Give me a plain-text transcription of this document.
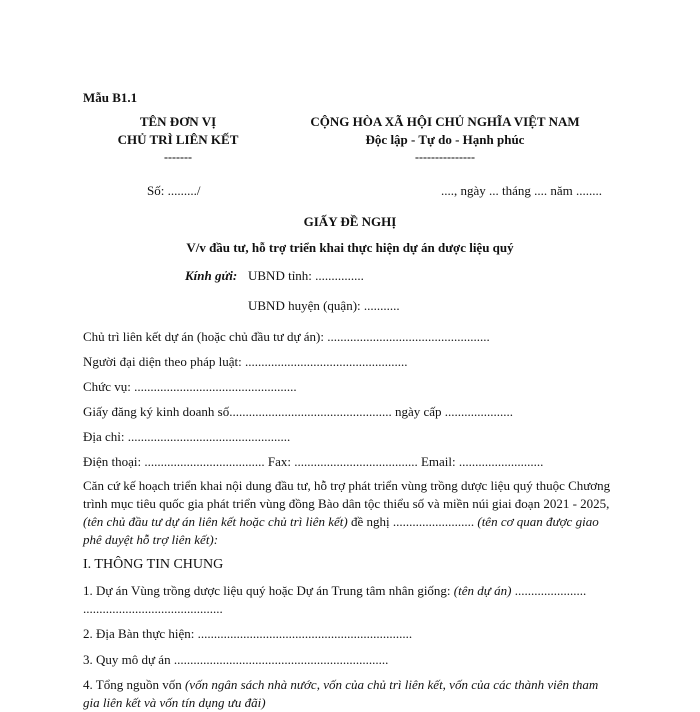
Mẫu B1.1
TÊN ĐƠN VỊ
CHỦ TRÌ LIÊN KẾT
-------
CỘNG HÒA XÃ HỘI CHỦ NGHĨA VIỆT NAM
Độc lập - Tự do - Hạnh phúc
---------------
Số: ........./	...., ngày ... tháng .... năm ........
GIẤY ĐỀ NGHỊ
V/v đầu tư, hỗ trợ triển khai thực hiện dự án dược liệu quý
Kính gửi: UBND tỉnh: ...............
UBND huyện (quận): ...........
Chủ trì liên kết dự án (hoặc chủ đầu tư dự án): ..................................................
Người đại diện theo pháp luật: ..................................................
Chức vụ: ..................................................
Giấy đăng ký kinh doanh số.................................................. ngày cấp .....................
Địa chỉ: ..................................................
Điện thoại: ..................................... Fax: ...................................... Email: ..........................
Căn cứ kế hoạch triển khai nội dung đầu tư, hỗ trợ phát triển vùng trồng dược liệu quý thuộc Chương trình mục tiêu quốc gia phát triển vùng đồng Bào dân tộc thiểu số và miền núi giai đoạn 2021 - 2025, (tên chủ đầu tư dự án liên kết hoặc chủ trì liên kết) đề nghị ......................... (tên cơ quan được giao phê duyệt hỗ trợ liên kết):
I. THÔNG TIN CHUNG
1. Dự án Vùng trồng dược liệu quý hoặc Dự án Trung tâm nhân giống: (tên dự án) ......................
...........................................
2. Địa Bàn thực hiện: ..................................................................
3. Quy mô dự án ..................................................................
4. Tổng nguồn vốn (vốn ngân sách nhà nước, vốn của chủ trì liên kết, vốn của các thành viên tham gia liên kết và vốn tín dụng ưu đãi)
